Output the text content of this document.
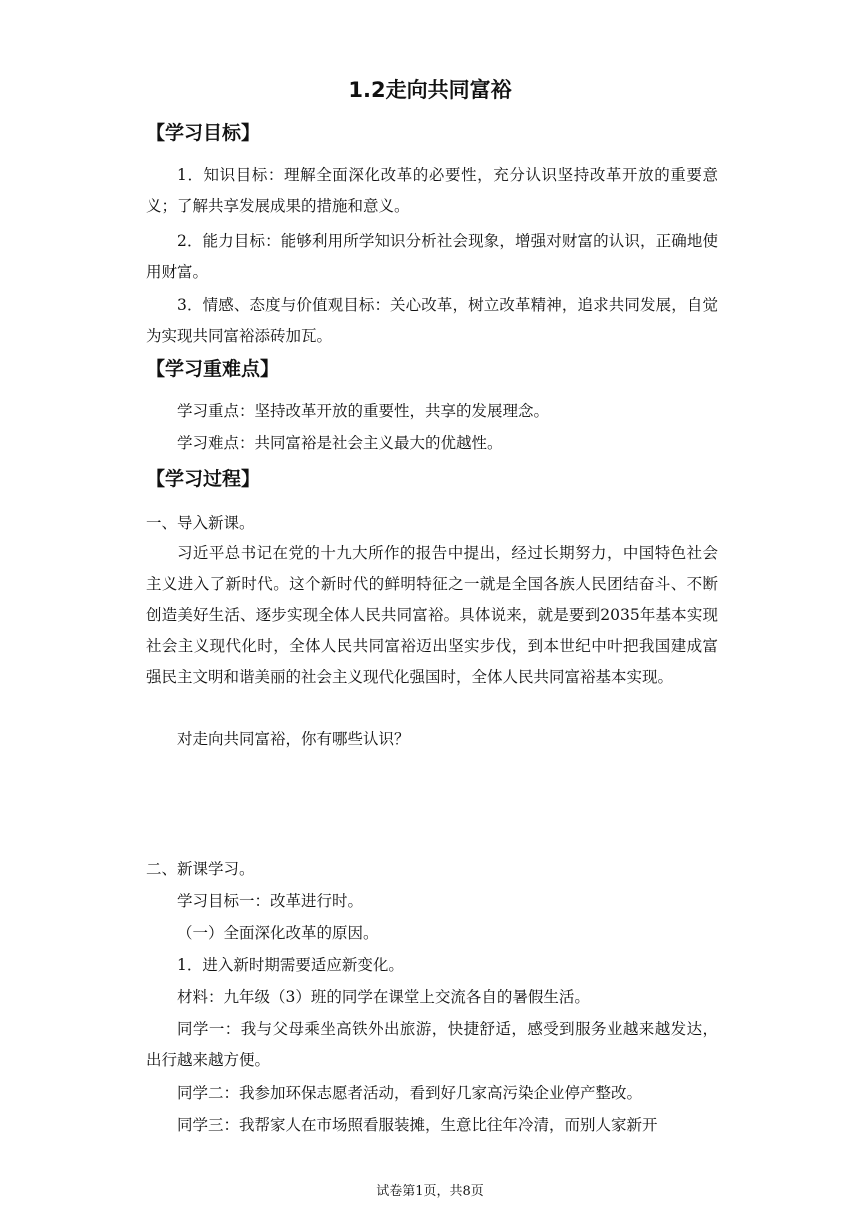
1.2走向共同富裕
【学习目标】
1．知识目标：理解全面深化改革的必要性，充分认识坚持改革开放的重要意义；了解共享发展成果的措施和意义。
2．能力目标：能够利用所学知识分析社会现象，增强对财富的认识，正确地使用财富。
3．情感、态度与价值观目标：关心改革，树立改革精神，追求共同发展，自觉为实现共同富裕添砖加瓦。
【学习重难点】
学习重点：坚持改革开放的重要性，共享的发展理念。
学习难点：共同富裕是社会主义最大的优越性。
【学习过程】
一、导入新课。
习近平总书记在党的十九大所作的报告中提出，经过长期努力，中国特色社会主义进入了新时代。这个新时代的鲜明特征之一就是全国各族人民团结奋斗、不断创造美好生活、逐步实现全体人民共同富裕。具体说来，就是要到2035年基本实现社会主义现代化时，全体人民共同富裕迈出坚实步伐，到本世纪中叶把我国建成富强民主文明和谐美丽的社会主义现代化强国时，全体人民共同富裕基本实现。
对走向共同富裕，你有哪些认识？
二、新课学习。
学习目标一：改革进行时。
（一）全面深化改革的原因。
1．进入新时期需要适应新变化。
材料：九年级（3）班的同学在课堂上交流各自的暑假生活。
同学一：我与父母乘坐高铁外出旅游，快捷舒适，感受到服务业越来越发达，出行越来越方便。
同学二：我参加环保志愿者活动，看到好几家高污染企业停产整改。
同学三：我帮家人在市场照看服装摊，生意比往年冷清，而别人家新开
试卷第1页，共8页
